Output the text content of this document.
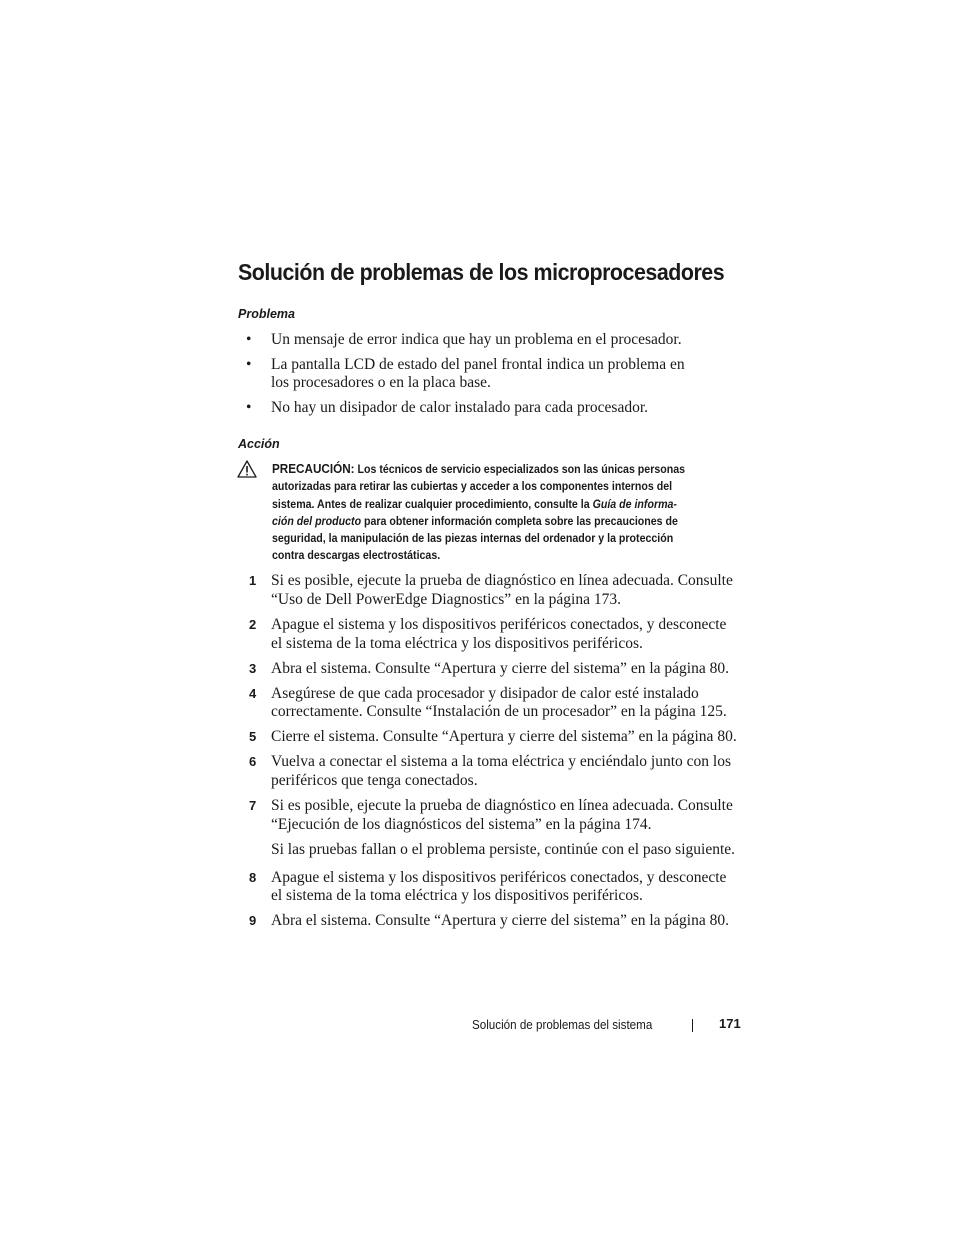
Solución de problemas de los microprocesadores
Problema
• Un mensaje de error indica que hay un problema en el procesador.
• La pantalla LCD de estado del panel frontal indica un problema en
los procesadores o en la placa base.
• No hay un disipador de calor instalado para cada procesador.
Acción
PRECAUCIÓN: Los técnicos de servicio especializados son las únicas personas
autorizadas para retirar las cubiertas y acceder a los componentes internos del
sistema. Antes de realizar cualquier procedimiento, consulte la Guía de informa-
ción del producto para obtener información completa sobre las precauciones de
seguridad, la manipulación de las piezas internas del ordenador y la protección
contra descargas electrostáticas.
1 Si es posible, ejecute la prueba de diagnóstico en línea adecuada. Consulte
“Uso de Dell PowerEdge Diagnostics” en la página 173.
2 Apague el sistema y los dispositivos periféricos conectados, y desconecte
el sistema de la toma eléctrica y los dispositivos periféricos.
3 Abra el sistema. Consulte “Apertura y cierre del sistema” en la página 80.
4 Asegúrese de que cada procesador y disipador de calor esté instalado
correctamente. Consulte “Instalación de un procesador” en la página 125.
5 Cierre el sistema. Consulte “Apertura y cierre del sistema” en la página 80.
6 Vuelva a conectar el sistema a la toma eléctrica y enciéndalo junto con los
periféricos que tenga conectados.
7 Si es posible, ejecute la prueba de diagnóstico en línea adecuada. Consulte
“Ejecución de los diagnósticos del sistema” en la página 174.
Si las pruebas fallan o el problema persiste, continúe con el paso siguiente.
8 Apague el sistema y los dispositivos periféricos conectados, y desconecte
el sistema de la toma eléctrica y los dispositivos periféricos.
9 Abra el sistema. Consulte “Apertura y cierre del sistema” en la página 80.
Solución de problemas del sistema	171
